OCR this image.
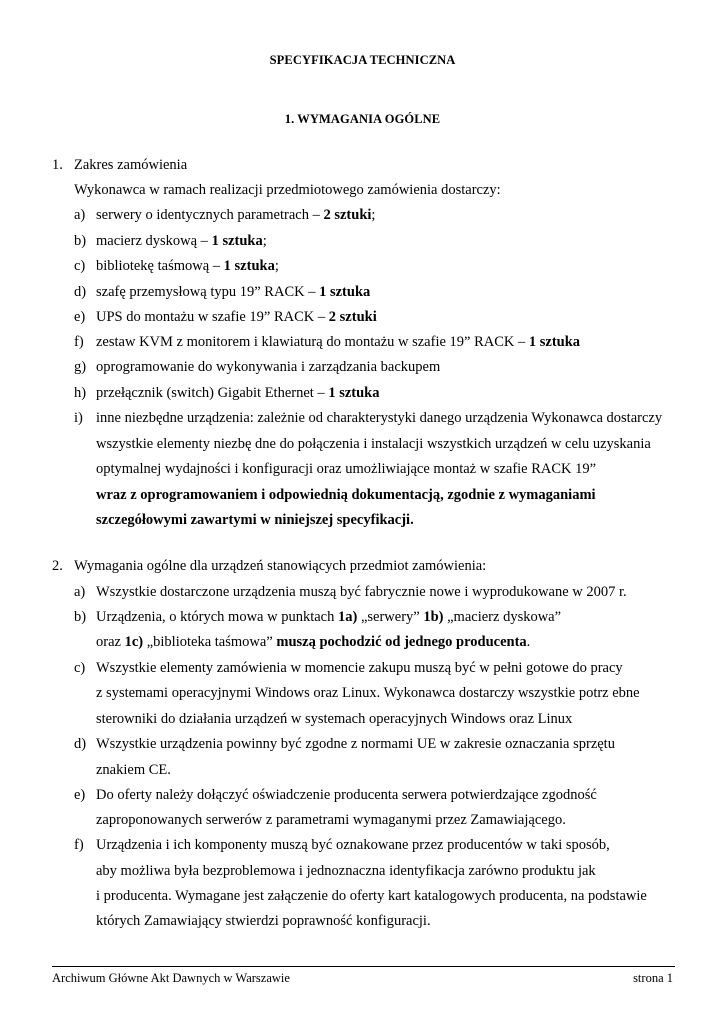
SPECYFIKACJA TECHNICZNA
1. WYMAGANIA OGÓLNE
1. Zakres zamówienia
Wykonawca w ramach realizacji przedmiotowego zamówienia dostarczy:
a) serwery o identycznych parametrach – 2 sztuki;
b) macierz dyskową – 1 sztuka;
c) bibliotekę taśmową – 1 sztuka;
d) szafę przemysłową typu 19” RACK – 1 sztuka
e) UPS do montażu w szafie 19” RACK – 2 sztuki
f) zestaw KVM z monitorem i klawiaturą do montażu w szafie 19” RACK – 1 sztuka
g) oprogramowanie do wykonywania i zarządzania backupem
h) przełącznik (switch) Gigabit Ethernet – 1 sztuka
i) inne niezbędne urządzenia: zależnie od charakterystyki danego urządzenia Wykonawca dostarczy
wszystkie elementy niezbę dne do połączenia i instalacji wszystkich urządzeń w celu uzyskania
optymalnej wydajności i konfiguracji oraz umożliwiające montaż w szafie RACK 19”
wraz z oprogramowaniem i odpowiednią dokumentacją, zgodnie z wymaganiami
szczegółowymi zawartymi w niniejszej specyfikacji.
2. Wymagania ogólne dla urządzeń stanowiących przedmiot zamówienia:
a) Wszystkie dostarczone urządzenia muszą być fabrycznie nowe i wyprodukowane w 2007 r.
b) Urządzenia, o których mowa w punktach 1a) „serwery” 1b) „macierz dyskowa”
oraz 1c) „biblioteka taśmowa” muszą pochodzić od jednego producenta.
c) Wszystkie elementy zamówienia w momencie zakupu muszą być w pełni gotowe do pracy
z systemami operacyjnymi Windows oraz Linux. Wykonawca dostarczy wszystkie potrz ebne
sterowniki do działania urządzeń w systemach operacyjnych Windows oraz Linux
d) Wszystkie urządzenia powinny być zgodne z normami UE w zakresie oznaczania sprzętu
znakiem CE.
e) Do oferty należy dołączyć oświadczenie producenta serwera potwierdzające zgodność
zaproponowanych serwerów z parametrami wymaganymi przez Zamawiającego.
f) Urządzenia i ich komponenty muszą być oznakowane przez producentów w taki sposób,
aby możliwa była bezproblemowa i jednoznaczna identyfikacja zarówno produktu jak
i producenta. Wymagane jest załączenie do oferty kart katalogowych producenta, na podstawie
których Zamawiający stwierdzi poprawność konfiguracji.
Archiwum Główne Akt Dawnych w Warszawie	strona 1
